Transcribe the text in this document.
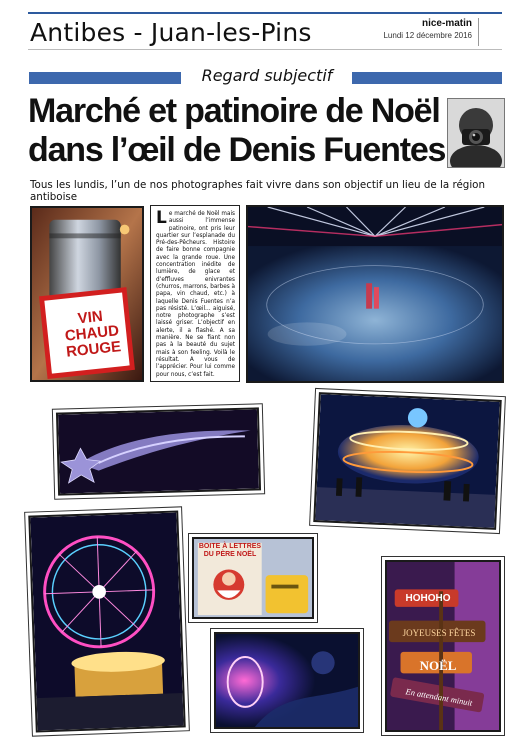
Antibes - Juan-les-Pins	nice-matin
Lundi 12 décembre 2016
Regard subjectif
Marché et patinoire de Noël
dans l’œil de Denis Fuentes
Tous les lundis, l’un de nos photographes fait vivre dans son objectif un lieu de la région antiboise
Le marché de Noël mais aussi l’immense patinoire, ont pris leur quartier sur l’esplanade du Pré-des-Pêcheurs. Histoire de faire bonne compagnie avec la grande roue. Une concentration inédite de lumière, de glace et d’effluves enivrantes (churros, marrons, barbes à papa, vin chaud, etc.) à laquelle Denis Fuentes n’a pas résisté. L’œil… aiguisé, notre photographe s’est laissé griser. L’objectif en alerte, il a flashé. A sa manière. Ne se fiant non pas à la beauté du sujet mais à son feeling. Voilà le résultat. A vous de l’apprécier. Pour lui comme pour nous, c’est fait.
VIN
CHAUD
ROUGE
BOITE À LETTRES DU PÈRE NOËL
HOHOHO
JOYEUSES FÊTES
NOËL
En attendant minuit
